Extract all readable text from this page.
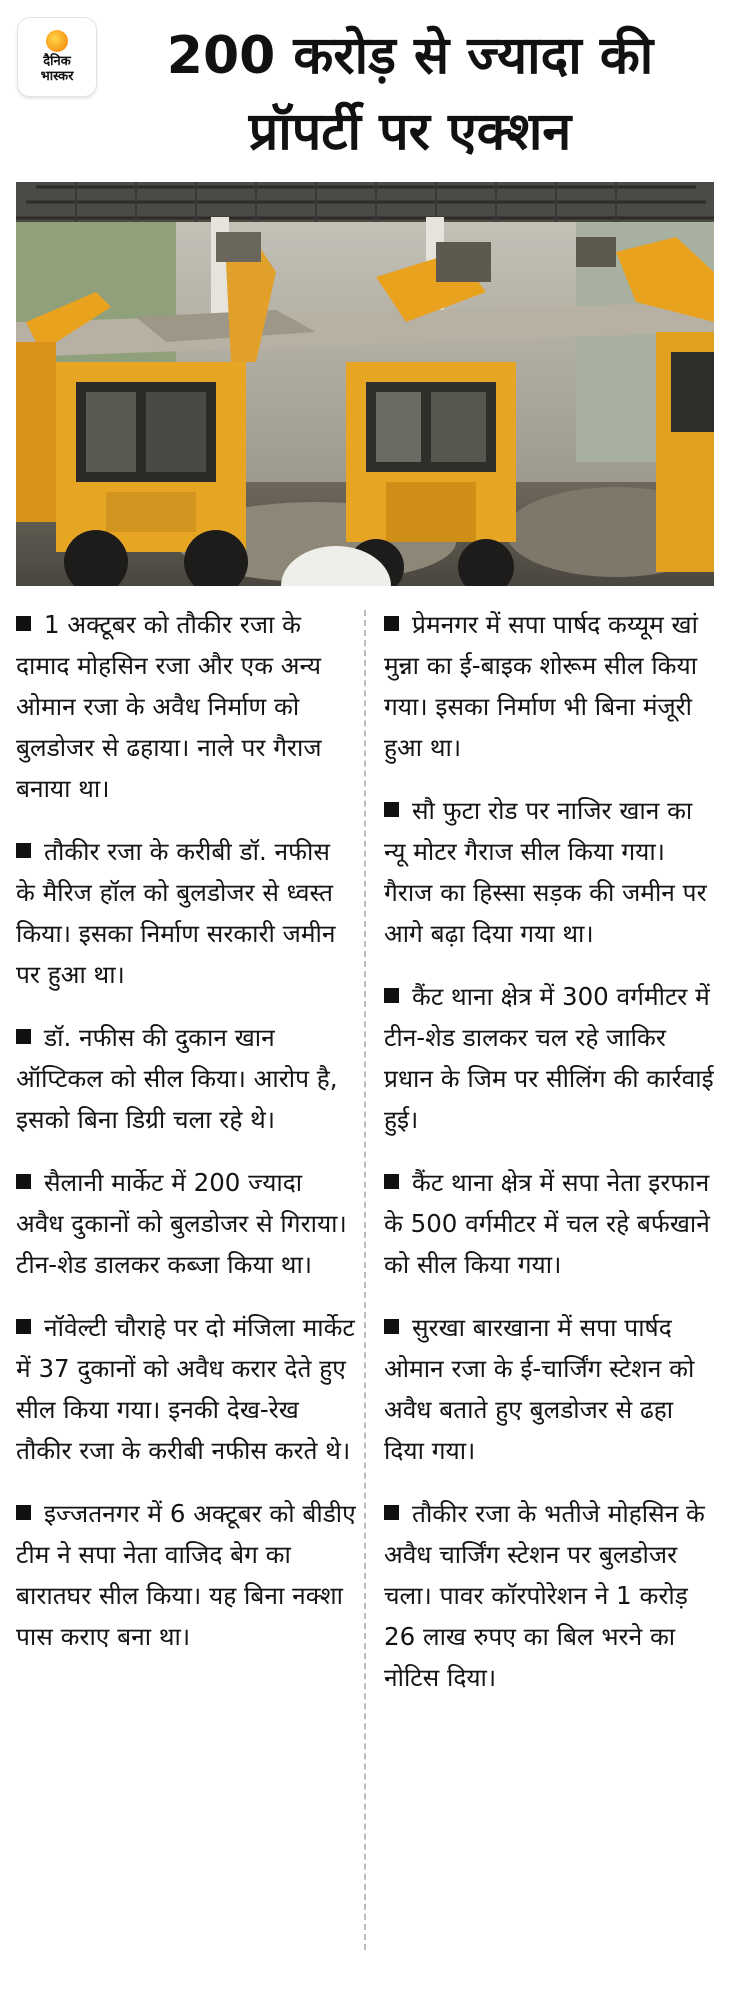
दैनिक
भास्कर	200 करोड़ से ज्यादा की
प्रॉपर्टी पर एक्शन
1 अक्टूबर को तौकीर रजा के दामाद मोहसिन रजा और एक अन्य ओमान रजा के अवैध निर्माण को बुलडोजर से ढहाया। नाले पर गैराज बनाया था।
तौकीर रजा के करीबी डॉ. नफीस के मैरिज हॉल को बुलडोजर से ध्वस्त किया। इसका निर्माण सरकारी जमीन पर हुआ था।
डॉ. नफीस की दुकान खान ऑप्टिकल को सील किया। आरोप है, इसको बिना डिग्री चला रहे थे।
सैलानी मार्केट में 200 ज्यादा अवैध दुकानों को बुलडोजर से गिराया। टीन-शेड डालकर कब्जा किया था।
नॉवेल्टी चौराहे पर दो मंजिला मार्केट में 37 दुकानों को अवैध करार देते हुए सील किया गया। इनकी देख-रेख तौकीर रजा के करीबी नफीस करते थे।
इज्जतनगर में 6 अक्टूबर को बीडीए टीम ने सपा नेता वाजिद बेग का बारातघर सील किया। यह बिना नक्शा पास कराए बना था।
प्रेमनगर में सपा पार्षद कय्यूम खां मुन्ना का ई-बाइक शोरूम सील किया गया। इसका निर्माण भी बिना मंजूरी हुआ था।
सौ फुटा रोड पर नाजिर खान का न्यू मोटर गैराज सील किया गया। गैराज का हिस्सा सड़क की जमीन पर आगे बढ़ा दिया गया था।
कैंट थाना क्षेत्र में 300 वर्गमीटर में टीन-शेड डालकर चल रहे जाकिर प्रधान के जिम पर सीलिंग की कार्रवाई हुई।
कैंट थाना क्षेत्र में सपा नेता इरफान के 500 वर्गमीटर में चल रहे बर्फखाने को सील किया गया।
सुरखा बारखाना में सपा पार्षद ओमान रजा के ई-चार्जिंग स्टेशन को अवैध बताते हुए बुलडोजर से ढहा दिया गया।
तौकीर रजा के भतीजे मोहसिन के अवैध चार्जिंग स्टेशन पर बुलडोजर चला। पावर कॉरपोरेशन ने 1 करोड़ 26 लाख रुपए का बिल भरने का नोटिस दिया।
